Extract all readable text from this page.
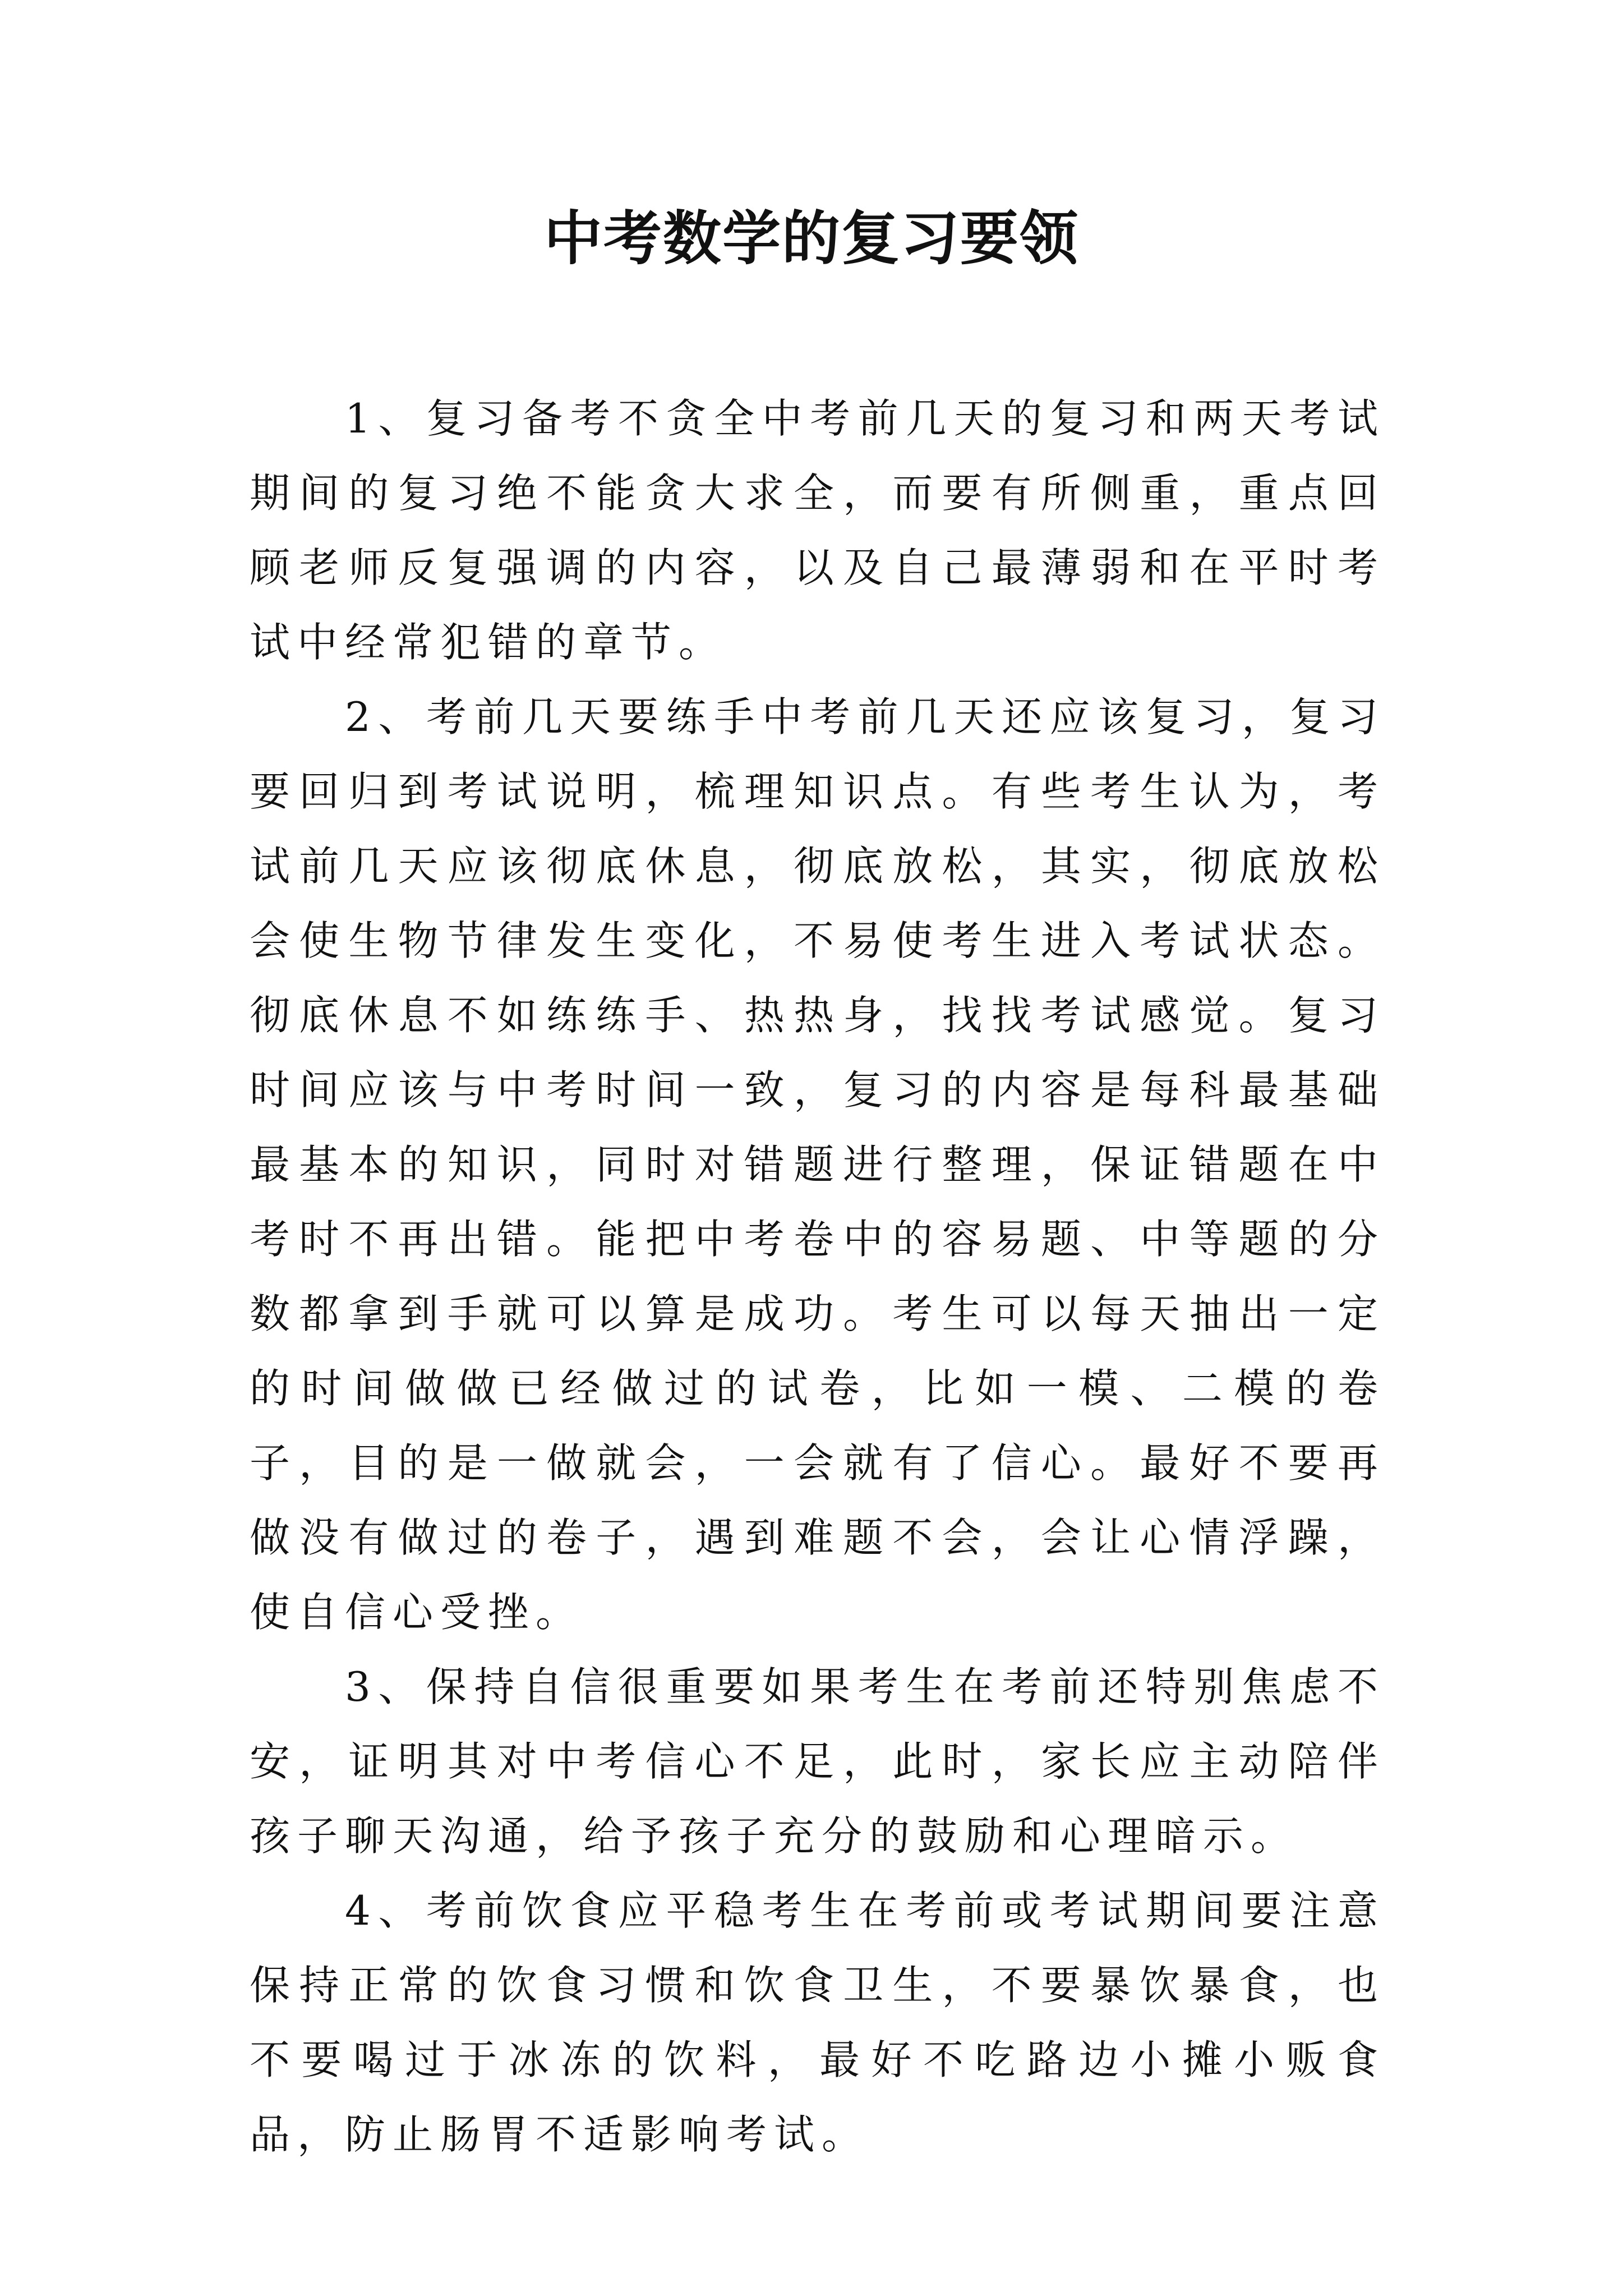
中考数学的复习要领

1、复习备考不贪全中考前几天的复习和两天考试期间的复习绝不能贪大求全，而要有所侧重，重点回顾老师反复强调的内容，以及自己最薄弱和在平时考试中经常犯错的章节。

2、考前几天要练手中考前几天还应该复习，复习要回归到考试说明，梳理知识点。有些考生认为，考试前几天应该彻底休息，彻底放松，其实，彻底放松会使生物节律发生变化，不易使考生进入考试状态。彻底休息不如练练手、热热身，找找考试感觉。复习时间应该与中考时间一致，复习的内容是每科最基础最基本的知识，同时对错题进行整理，保证错题在中考时不再出错。能把中考卷中的容易题、中等题的分数都拿到手就可以算是成功。考生可以每天抽出一定的时间做做已经做过的试卷，比如一模、二模的卷子，目的是一做就会，一会就有了信心。最好不要再做没有做过的卷子，遇到难题不会，会让心情浮躁，使自信心受挫。

3、保持自信很重要如果考生在考前还特别焦虑不安，证明其对中考信心不足，此时，家长应主动陪伴孩子聊天沟通，给予孩子充分的鼓励和心理暗示。

4、考前饮食应平稳考生在考前或考试期间要注意保持正常的饮食习惯和饮食卫生，不要暴饮暴食，也不要喝过于冰冻的饮料，最好不吃路边小摊小贩食品，防止肠胃不适影响考试。
